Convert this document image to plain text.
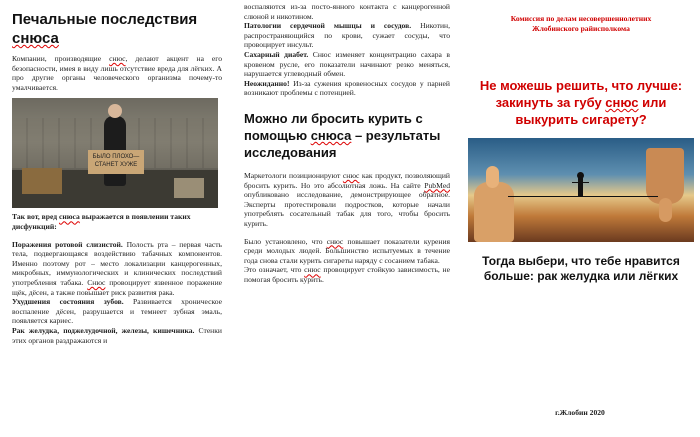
Печальные последствия
снюса

Компании, производящие снюс, делают акцент на его безопасности, имея в виду лишь отсутствие вреда для лёгких. А про другие органы человеческого организма почему-то умалчивается.

БЫЛО ПЛОХО— СТАНЕТ ХУЖЕ

Так вот, вред снюса выражается в появлении таких дисфункций:

Поражения ротовой слизистой. Полость рта – первая часть тела, подвергающаяся воздействию табачных компонентов. Именно поэтому рот – место локализации канцерогенных, микробных, иммунологических и клинических последствий употребления табака. Снюс провоцирует язвенное поражение щёк, дёсен, а также повышает риск развития рака.

Ухудшения состояния зубов. Развивается хроническое воспаление дёсен, разрушается и темнеет зубная эмаль, появляется кариес.

Рак желудка, поджелудочной, железы, кишечника. Стенки этих органов раздражаются и

воспаляются из-за посто-янного контакта с канцерогенной слюной и никотином.

Патологии сердечной мышцы и сосудов. Никотин, распространяющийся по крови, сужает сосуды, что провоцирует инсульт.

Сахарный диабет. Снюс изменяет концентрацию сахара в кровеном русле, его показатели начинают резко меняться, нарушается углеводный обмен.

Неожиданно! Из-за сужения кровеносных сосудов у парней возникают проблемы с потенцией.

Можно ли бросить курить с помощью снюса – результаты исследования

Маркетологи позиционируют снюс как продукт, позволяющий бросить курить. Но это абсолютная ложь. На сайте PubMed опубликовано исследование, демонстрирующее обратное. Эксперты протестировали подростков, которые начали употреблять сосательный табак для того, чтобы бросить курить.

Было установлено, что снюс повышает показатели курения среди молодых людей. Большинство испытуемых в течение года снова стали курить сигареты наряду с сосанием табака.

Это означает, что снюс провоцирует стойкую зависимость, не помогая бросить курить.

Комиссия по делам несовершеннолетних
Жлобинского райисполкома

Не можешь решить, что лучше: закинуть за губу снюс или выкурить сигарету?
Тогда выбери, что тебе нравится больше: рак желудка или лёгких
г.Жлобин 2020
